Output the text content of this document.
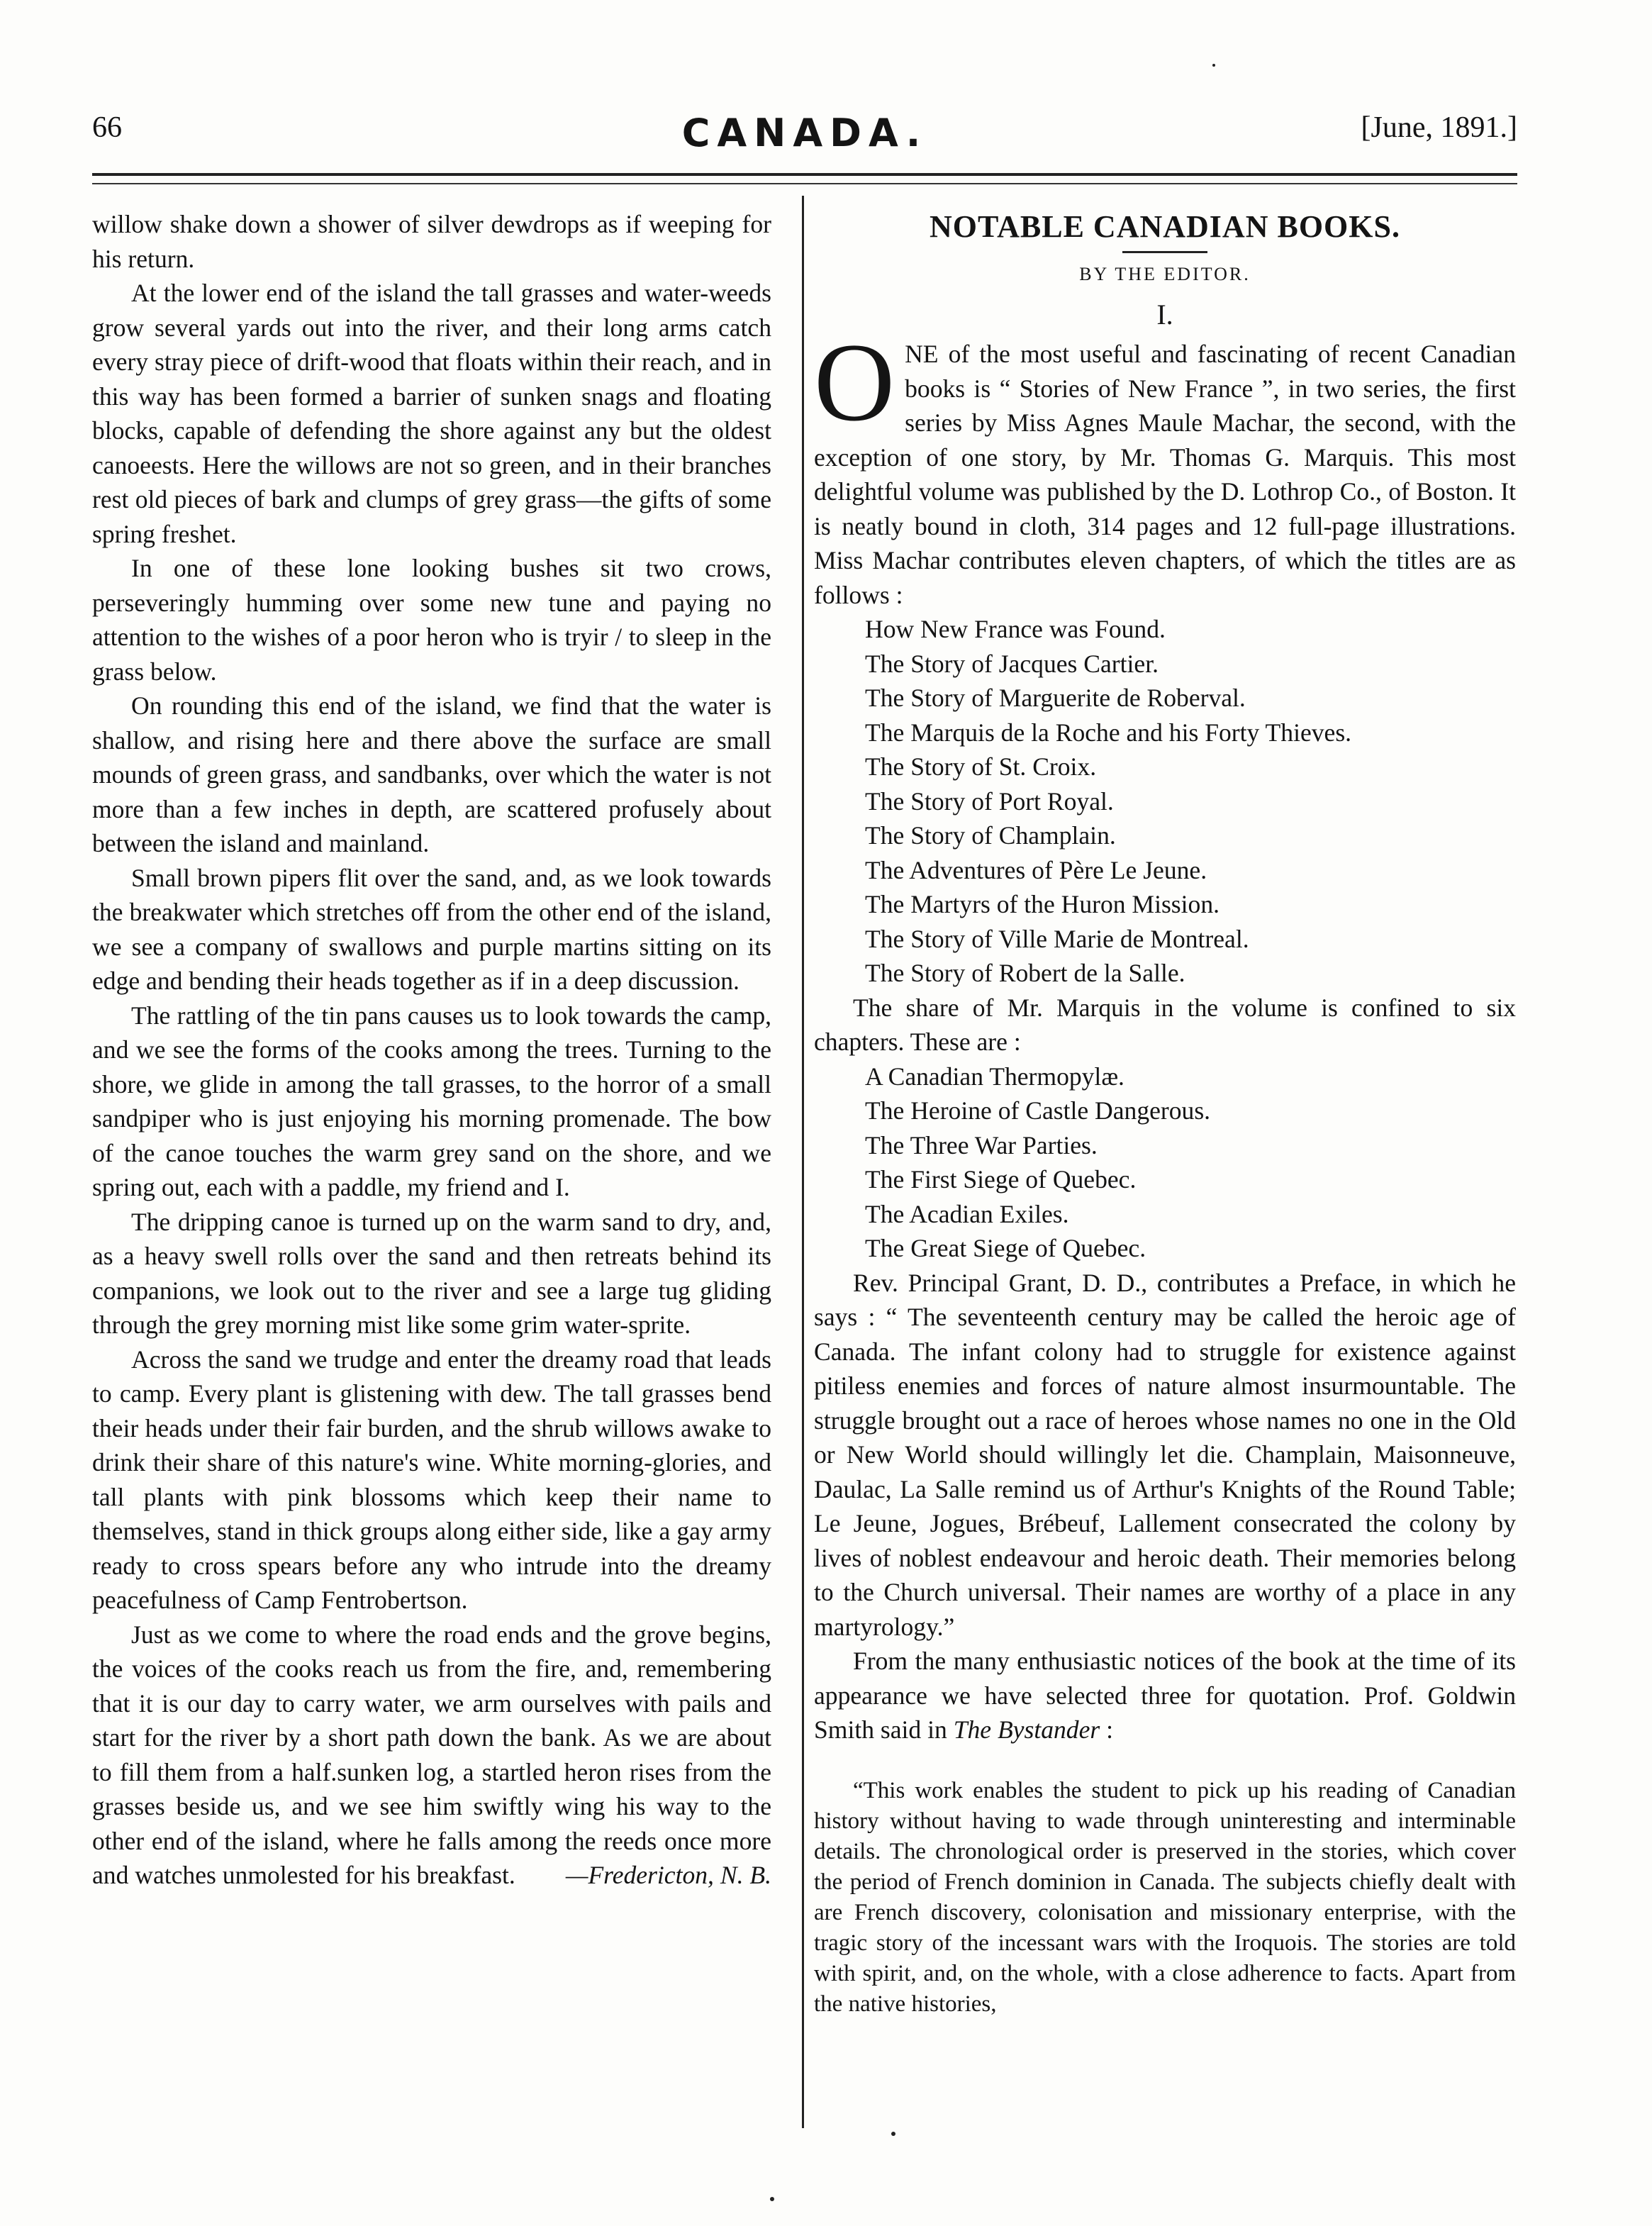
66	CANADA.	[June, 1891.]

willow shake down a shower of silver dewdrops as if weeping for his return.

At the lower end of the island the tall grasses and water-weeds grow several yards out into the river, and their long arms catch every stray piece of drift-wood that floats within their reach, and in this way has been formed a barrier of sunken snags and floating blocks, capable of defending the shore against any but the oldest canoeests. Here the willows are not so green, and in their branches rest old pieces of bark and clumps of grey grass—the gifts of some spring freshet.

In one of these lone looking bushes sit two crows, perseveringly humming over some new tune and paying no attention to the wishes of a poor heron who is tryir / to sleep in the grass below.

On rounding this end of the island, we find that the water is shallow, and rising here and there above the surface are small mounds of green grass, and sandbanks, over which the water is not more than a few inches in depth, are scattered profusely about between the island and mainland.

Small brown pipers flit over the sand, and, as we look towards the breakwater which stretches off from the other end of the island, we see a company of swallows and purple martins sitting on its edge and bending their heads together as if in a deep discussion.

The rattling of the tin pans causes us to look towards the camp, and we see the forms of the cooks among the trees. Turning to the shore, we glide in among the tall grasses, to the horror of a small sandpiper who is just enjoying his morning promenade. The bow of the canoe touches the warm grey sand on the shore, and we spring out, each with a paddle, my friend and I.

The dripping canoe is turned up on the warm sand to dry, and, as a heavy swell rolls over the sand and then retreats behind its companions, we look out to the river and see a large tug gliding through the grey morning mist like some grim water-sprite.

Across the sand we trudge and enter the dreamy road that leads to camp. Every plant is glistening with dew. The tall grasses bend their heads under their fair burden, and the shrub willows awake to drink their share of this nature's wine. White morning-glories, and tall plants with pink blossoms which keep their name to themselves, stand in thick groups along either side, like a gay army ready to cross spears before any who intrude into the dreamy peacefulness of Camp Fentrobertson.

Just as we come to where the road ends and the grove begins, the voices of the cooks reach us from the fire, and, remembering that it is our day to carry water, we arm ourselves with pails and start for the river by a short path down the bank. As we are about to fill them from a half.sunken log, a startled heron rises from the grasses beside us, and we see him swiftly wing his way to the other end of the island, where he falls among the reeds once more and watches unmolested for his breakfast.	—Fredericton, N. B.

NOTABLE CANADIAN BOOKS.
BY THE EDITOR.
I.

ONE of the most useful and fascinating of recent Canadian books is “ Stories of New France ”, in two series, the first series by Miss Agnes Maule Machar, the second, with the exception of one story, by Mr. Thomas G. Marquis. This most delightful volume was published by the D. Lothrop Co., of Boston. It is neatly bound in cloth, 314 pages and 12 full-page illustrations. Miss Machar contributes eleven chapters, of which the titles are as follows :

How New France was Found.
The Story of Jacques Cartier.
The Story of Marguerite de Roberval.
The Marquis de la Roche and his Forty Thieves.
The Story of St. Croix.
The Story of Port Royal.
The Story of Champlain.
The Adventures of Père Le Jeune.
The Martyrs of the Huron Mission.
The Story of Ville Marie de Montreal.
The Story of Robert de la Salle.

The share of Mr. Marquis in the volume is confined to six chapters. These are :

A Canadian Thermopylæ.
The Heroine of Castle Dangerous.
The Three War Parties.
The First Siege of Quebec.
The Acadian Exiles.
The Great Siege of Quebec.

Rev. Principal Grant, D. D., contributes a Preface, in which he says : “ The seventeenth century may be called the heroic age of Canada. The infant colony had to struggle for existence against pitiless enemies and forces of nature almost insurmountable. The struggle brought out a race of heroes whose names no one in the Old or New World should willingly let die. Champlain, Maisonneuve, Daulac, La Salle remind us of Arthur's Knights of the Round Table; Le Jeune, Jogues, Brébeuf, Lallement consecrated the colony by lives of noblest endeavour and heroic death. Their memories belong to the Church universal. Their names are worthy of a place in any martyrology.”

From the many enthusiastic notices of the book at the time of its appearance we have selected three for quotation. Prof. Goldwin Smith said in The Bystander :

“This work enables the student to pick up his reading of Canadian history without having to wade through uninteresting and interminable details. The chronological order is preserved in the stories, which cover the period of French dominion in Canada. The subjects chiefly dealt with are French discovery, colonisation and missionary enterprise, with the tragic story of the incessant wars with the Iroquois. The stories are told with spirit, and, on the whole, with a close adherence to facts. Apart from the native histories,
